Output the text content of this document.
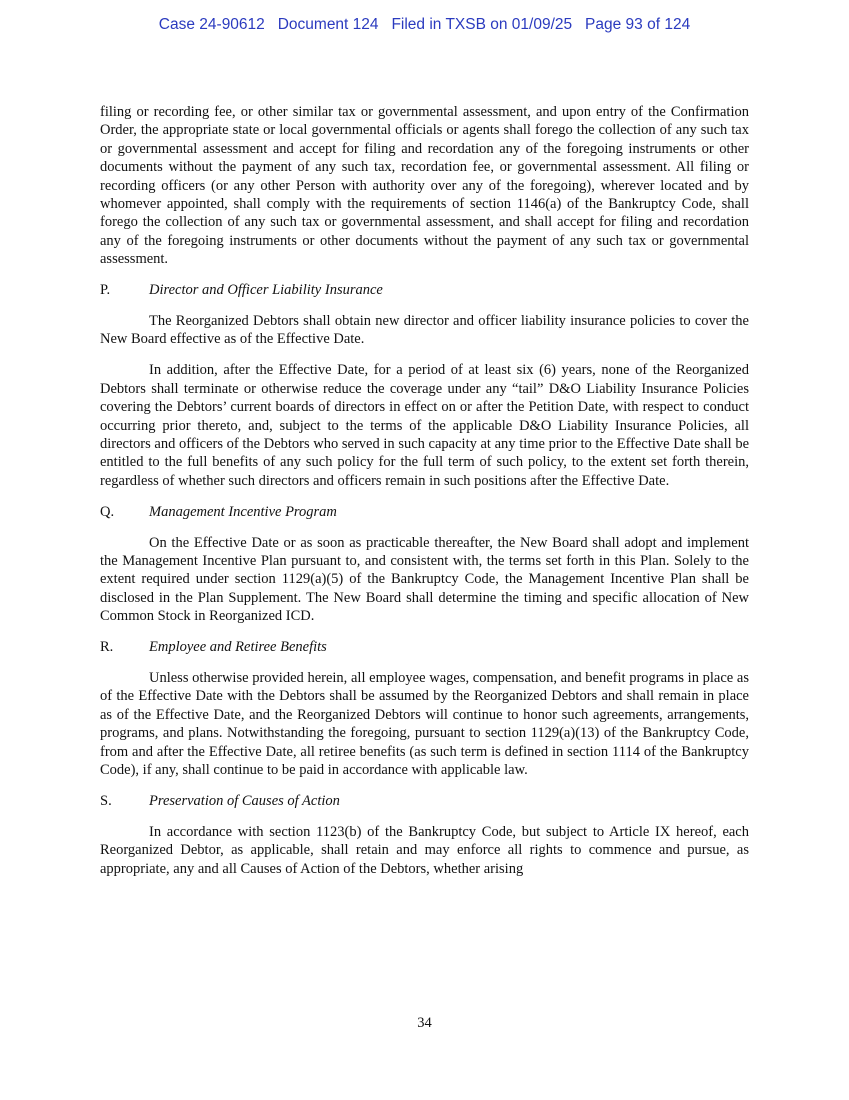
Case 24-90612 Document 124 Filed in TXSB on 01/09/25 Page 93 of 124

filing or recording fee, or other similar tax or governmental assessment, and upon entry of the Confirmation Order, the appropriate state or local governmental officials or agents shall forego the collection of any such tax or governmental assessment and accept for filing and recordation any of the foregoing instruments or other documents without the payment of any such tax, recordation fee, or governmental assessment. All filing or recording officers (or any other Person with authority over any of the foregoing), wherever located and by whomever appointed, shall comply with the requirements of section 1146(a) of the Bankruptcy Code, shall forego the collection of any such tax or governmental assessment, and shall accept for filing and recordation any of the foregoing instruments or other documents without the payment of any such tax or governmental assessment.

P.	Director and Officer Liability Insurance

The Reorganized Debtors shall obtain new director and officer liability insurance policies to cover the New Board effective as of the Effective Date.

In addition, after the Effective Date, for a period of at least six (6) years, none of the Reorganized Debtors shall terminate or otherwise reduce the coverage under any “tail” D&O Liability Insurance Policies covering the Debtors’ current boards of directors in effect on or after the Petition Date, with respect to conduct occurring prior thereto, and, subject to the terms of the applicable D&O Liability Insurance Policies, all directors and officers of the Debtors who served in such capacity at any time prior to the Effective Date shall be entitled to the full benefits of any such policy for the full term of such policy, to the extent set forth therein, regardless of whether such directors and officers remain in such positions after the Effective Date.

Q.	Management Incentive Program

On the Effective Date or as soon as practicable thereafter, the New Board shall adopt and implement the Management Incentive Plan pursuant to, and consistent with, the terms set forth in this Plan. Solely to the extent required under section 1129(a)(5) of the Bankruptcy Code, the Management Incentive Plan shall be disclosed in the Plan Supplement. The New Board shall determine the timing and specific allocation of New Common Stock in Reorganized ICD.

R.	Employee and Retiree Benefits

Unless otherwise provided herein, all employee wages, compensation, and benefit programs in place as of the Effective Date with the Debtors shall be assumed by the Reorganized Debtors and shall remain in place as of the Effective Date, and the Reorganized Debtors will continue to honor such agreements, arrangements, programs, and plans. Notwithstanding the foregoing, pursuant to section 1129(a)(13) of the Bankruptcy Code, from and after the Effective Date, all retiree benefits (as such term is defined in section 1114 of the Bankruptcy Code), if any, shall continue to be paid in accordance with applicable law.

S.	Preservation of Causes of Action

In accordance with section 1123(b) of the Bankruptcy Code, but subject to Article IX hereof, each Reorganized Debtor, as applicable, shall retain and may enforce all rights to commence and pursue, as appropriate, any and all Causes of Action of the Debtors, whether arising

34
